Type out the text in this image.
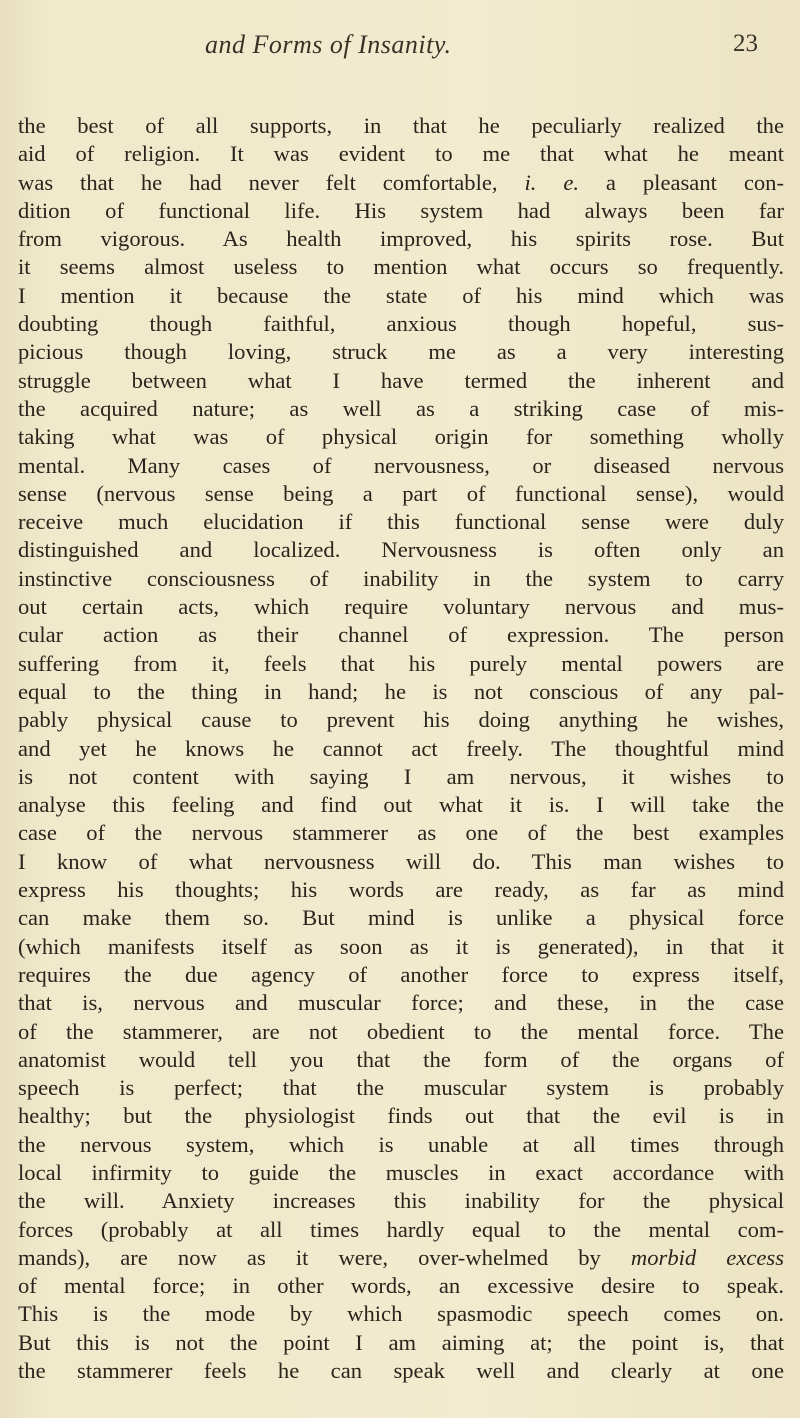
and Forms of Insanity.	23
the best of all supports, in that he peculiarly realized the
aid of religion. It was evident to me that what he meant
was that he had never felt comfortable, i. e. a pleasant con-
dition of functional life. His system had always been far
from vigorous. As health improved, his spirits rose. But
it seems almost useless to mention what occurs so frequently.
I mention it because the state of his mind which was
doubting though faithful, anxious though hopeful, sus-
picious though loving, struck me as a very interesting
struggle between what I have termed the inherent and
the acquired nature; as well as a striking case of mis-
taking what was of physical origin for something wholly
mental. Many cases of nervousness, or diseased nervous
sense (nervous sense being a part of functional sense), would
receive much elucidation if this functional sense were duly
distinguished and localized. Nervousness is often only an
instinctive consciousness of inability in the system to carry
out certain acts, which require voluntary nervous and mus-
cular action as their channel of expression. The person
suffering from it, feels that his purely mental powers are
equal to the thing in hand; he is not conscious of any pal-
pably physical cause to prevent his doing anything he wishes,
and yet he knows he cannot act freely. The thoughtful mind
is not content with saying I am nervous, it wishes to
analyse this feeling and find out what it is. I will take the
case of the nervous stammerer as one of the best examples
I know of what nervousness will do. This man wishes to
express his thoughts; his words are ready, as far as mind
can make them so. But mind is unlike a physical force
(which manifests itself as soon as it is generated), in that it
requires the due agency of another force to express itself,
that is, nervous and muscular force; and these, in the case
of the stammerer, are not obedient to the mental force. The
anatomist would tell you that the form of the organs of
speech is perfect; that the muscular system is probably
healthy; but the physiologist finds out that the evil is in
the nervous system, which is unable at all times through
local infirmity to guide the muscles in exact accordance with
the will. Anxiety increases this inability for the physical
forces (probably at all times hardly equal to the mental com-
mands), are now as it were, over-whelmed by morbid excess
of mental force; in other words, an excessive desire to speak.
This is the mode by which spasmodic speech comes on.
But this is not the point I am aiming at; the point is, that
the stammerer feels he can speak well and clearly at one
